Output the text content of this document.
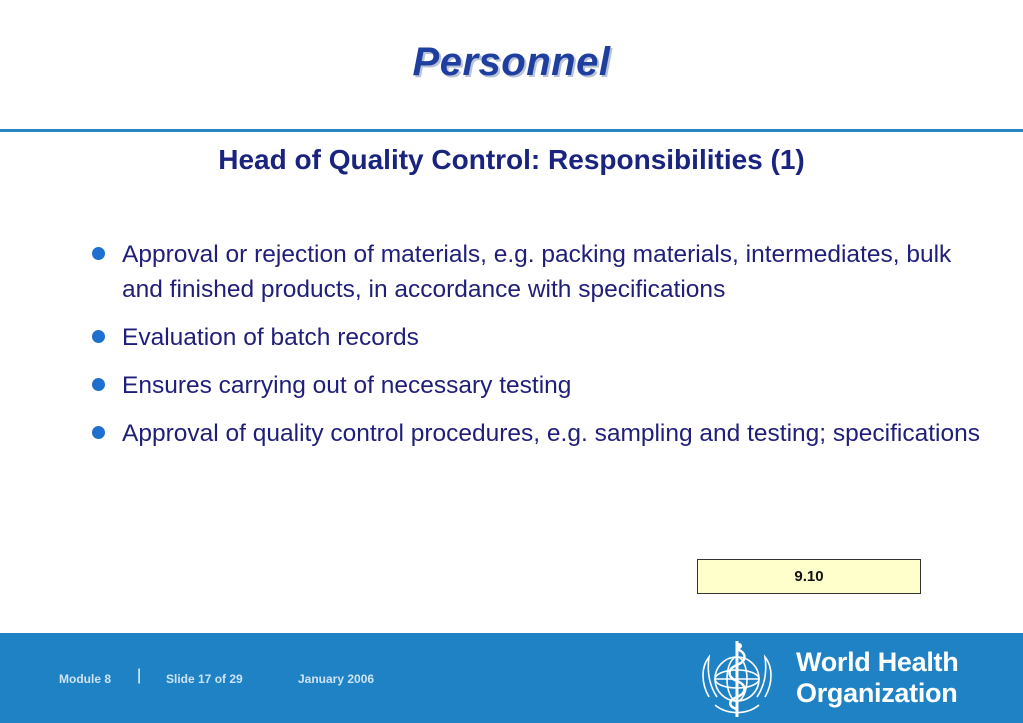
Personnel
Head of Quality Control: Responsibilities (1)
Approval or rejection of materials, e.g. packing materials, intermediates, bulk and finished products, in accordance with specifications
Evaluation of batch records
Ensures carrying out of necessary testing
Approval of quality control procedures, e.g. sampling and testing; specifications
9.10
Module 8 | Slide 17 of 29	January 2006
World Health
Organization
